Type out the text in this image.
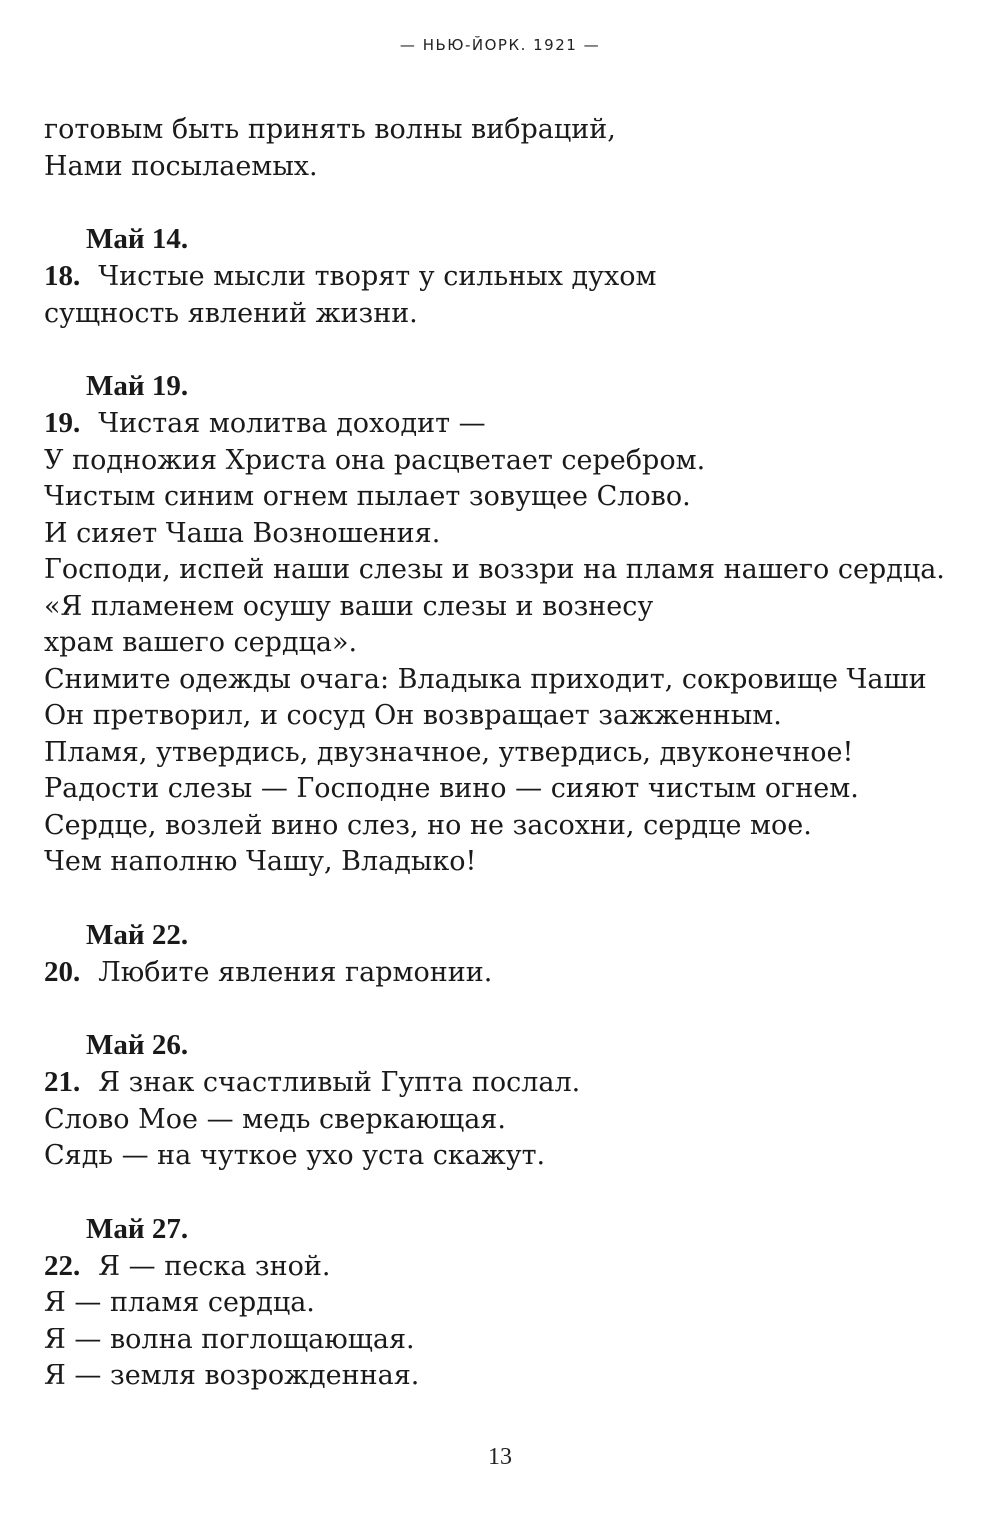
— НЬЮ-ЙОРК. 1921 —
готовым быть принять волны вибраций,
Нами посылаемых.
Май 14.
18. Чистые мысли творят у сильных духом
сущность явлений жизни.
Май 19.
19. Чистая молитва доходит —
У подножия Христа она расцветает серебром.
Чистым синим огнем пылает зовущее Слово.
И сияет Чаша Возношения.
Господи, испей наши слезы и воззри на пламя нашего сердца.
«Я пламенем осушу ваши слезы и вознесу
храм вашего сердца».
Снимите одежды очага: Владыка приходит, сокровище Чаши
Он претворил, и сосуд Он возвращает зажженным.
Пламя, утвердись, двузначное, утвердись, двуконечное!
Радости слезы — Господне вино — сияют чистым огнем.
Сердце, возлей вино слез, но не засохни, сердце мое.
Чем наполню Чашу, Владыко!
Май 22.
20. Любите явления гармонии.
Май 26.
21. Я знак счастливый Гупта послал.
Слово Мое — медь сверкающая.
Сядь — на чуткое ухо уста скажут.
Май 27.
22. Я — песка зной.
Я — пламя сердца.
Я — волна поглощающая.
Я — земля возрожденная.
13
